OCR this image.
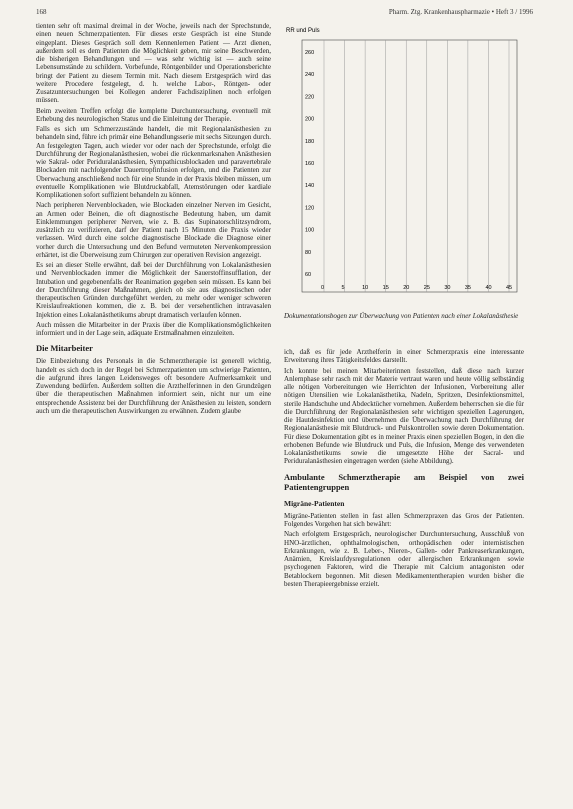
168	Pharm. Ztg. Krankenhauspharmazie • Heft 3 / 1996

tienten sehr oft maximal dreimal in der Woche, jeweils nach der Sprechstunde, einen neuen Schmerzpatienten. Für dieses erste Gespräch ist eine Stunde eingeplant. Dieses Gespräch soll dem Kennenlernen Patient — Arzt dienen, außerdem soll es dem Patienten die Möglichkeit geben, mir seine Beschwerden, die bisherigen Behandlungen und — was sehr wichtig ist — auch seine Lebensumstände zu schildern. Vorbefunde, Röntgenbilder und Operationsberichte bringt der Patient zu diesem Termin mit. Nach diesem Erstgespräch wird das weitere Procedere festgelegt, d. h. welche Labor-, Röntgen- oder Zusatzuntersuchungen bei Kollegen anderer Fachdisziplinen noch erfolgen müssen.

Beim zweiten Treffen erfolgt die komplette Durchuntersuchung, eventuell mit Erhebung des neurologischen Status und die Einleitung der Therapie.

Falls es sich um Schmerzzustände handelt, die mit Regionalanästhesien zu behandeln sind, führe ich primär eine Behandlungsserie mit sechs Sitzungen durch. An festgelegten Tagen, auch wieder vor oder nach der Sprechstunde, erfolgt die Durchführung der Regionalanästhesien, wobei die rückenmarksnahen Anästhesien wie Sakral- oder Periduralanästhesien, Sympathicusblockaden und paravertebrale Blockaden mit nachfolgender Dauertropfinfusion erfolgen, und die Patienten zur Überwachung anschließend noch für eine Stunde in der Praxis bleiben müssen, um eventuelle Komplikationen wie Blutdruckabfall, Atemstörungen oder kardiale Komplikationen sofort suffizient behandeln zu können.

Nach peripheren Nervenblockaden, wie Blockaden einzelner Nerven im Gesicht, an Armen oder Beinen, die oft diagnostische Bedeutung haben, um damit Einklemmungen peripherer Nerven, wie z. B. das Supinatorschlitzsyndrom, zusätzlich zu verifizieren, darf der Patient nach 15 Minuten die Praxis wieder verlassen. Wird durch eine solche diagnostische Blockade die Diagnose einer vorher durch die Untersuchung und den Befund vermuteten Nervenkompression erhärtet, ist die Überweisung zum Chirurgen zur operativen Revision angezeigt.

Es sei an dieser Stelle erwähnt, daß bei der Durchführung von Lokalanästhesien und Nervenblockaden immer die Möglichkeit der Sauerstoffinsufflation, der Intubation und gegebenenfalls der Reanimation gegeben sein müssen. Es kann bei der Durchführung dieser Maßnahmen, gleich ob sie aus diagnostischen oder therapeutischen Gründen durchgeführt werden, zu mehr oder weniger schweren Kreislaufreaktionen kommen, die z. B. bei der versehentlichen intravasalen Injektion eines Lokalanästhetikums abrupt dramatisch verlaufen können.

Auch müssen die Mitarbeiter in der Praxis über die Komplikationsmöglichkeiten informiert und in der Lage sein, adäquate Erstmaßnahmen einzuleiten.

Die Mitarbeiter

Die Einbeziehung des Personals in die Schmerztherapie ist generell wichtig, handelt es sich doch in der Regel bei Schmerzpatienten um schwierige Patienten, die aufgrund ihres langen Leidensweges oft besondere Aufmerksamkeit und Zuwendung bedürfen. Außerdem sollten die Arzthelferinnen in den Grundzügen über die therapeutischen Maßnahmen informiert sein, nicht nur um eine entsprechende Assistenz bei der Durchführung der Anästhesien zu leisten, sondern auch um die therapeutischen Auswirkungen zu erwähnen. Zudem glaube

RR und Puls
260
240
220
200
180
160
140
120
100
80
60
0	5	10	15	20	25	30	35	40	45
Dokumentationsbogen zur Überwachung von Patienten nach einer Lokalanästhesie

ich, daß es für jede Arzthelferin in einer Schmerzpraxis eine interessante Erweiterung ihres Tätigkeitsfeldes darstellt.

Ich konnte bei meinen Mitarbeiterinnen feststellen, daß diese nach kurzer Anlernphase sehr rasch mit der Materie vertraut waren und heute völlig selbständig alle nötigen Vorbereitungen wie Herrichten der Infusionen, Vorbereitung aller nötigen Utensilien wie Lokalanästhetika, Nadeln, Spritzen, Desinfektionsmittel, sterile Handschuhe und Abdecktücher vornehmen. Außerdem beherrschen sie die für die Durchführung der Regionalanästhesien sehr wichtigen speziellen Lagerungen, die Hautdesinfektion und übernehmen die Überwachung nach Durchführung der Regionalanästhesie mit Blutdruck- und Pulskontrollen sowie deren Dokumentation. Für diese Dokumentation gibt es in meiner Praxis einen speziellen Bogen, in den die erhobenen Befunde wie Blutdruck und Puls, die Infusion, Menge des verwendeten Lokalanästhetikums sowie die umgesetzte Höhe der Sacral- und Periduralanästhesien eingetragen werden (siehe Abbildung).

Ambulante Schmerztherapie am Beispiel von zwei Patientengruppen
Migräne-Patienten

Migräne-Patienten stellen in fast allen Schmerzpraxen das Gros der Patienten. Folgendes Vorgehen hat sich bewährt:

Nach erfolgtem Erstgespräch, neurologischer Durchuntersuchung, Ausschluß von HNO-ärztlichen, ophthalmologischen, orthopädischen oder internistischen Erkrankungen, wie z. B. Leber-, Nieren-, Gallen- oder Pankreaserkrankungen, Anämien, Kreislaufdysregulationen oder allergischen Erkrankungen sowie psychogenen Faktoren, wird die Therapie mit Calcium antagonisten oder Betablockern begonnen. Mit diesen Medikamententherapien wurden bisher die besten Therapieergebnisse erzielt.
